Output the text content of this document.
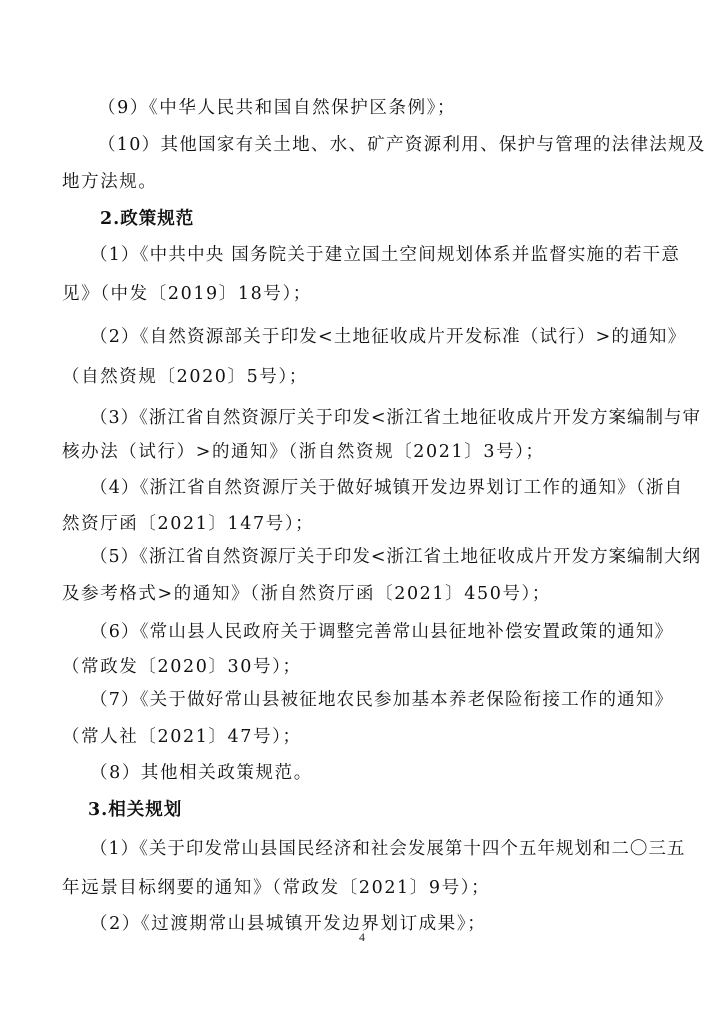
（9）《中华人民共和国自然保护区条例》；
（10）其他国家有关土地、水、矿产资源利用、保护与管理的法律法规及
地方法规。
2.政策规范
（1）《中共中央 国务院关于建立国土空间规划体系并监督实施的若干意
见》（中发〔2019〕18号）；
（2）《自然资源部关于印发<土地征收成片开发标准（试行）>的通知》
（自然资规〔2020〕5号）；
（3）《浙江省自然资源厅关于印发<浙江省土地征收成片开发方案编制与审
核办法（试行）>的通知》（浙自然资规〔2021〕3号）；
（4）《浙江省自然资源厅关于做好城镇开发边界划订工作的通知》（浙自
然资厅函〔2021〕147号）；
（5）《浙江省自然资源厅关于印发<浙江省土地征收成片开发方案编制大纲
及参考格式>的通知》（浙自然资厅函〔2021〕450号）；
（6）《常山县人民政府关于调整完善常山县征地补偿安置政策的通知》
（常政发〔2020〕30号）；
（7）《关于做好常山县被征地农民参加基本养老保险衔接工作的通知》
（常人社〔2021〕47号）；
（8）其他相关政策规范。
3.相关规划
（1）《关于印发常山县国民经济和社会发展第十四个五年规划和二〇三五
年远景目标纲要的通知》（常政发〔2021〕9号）；
（2）《过渡期常山县城镇开发边界划订成果》；
4
